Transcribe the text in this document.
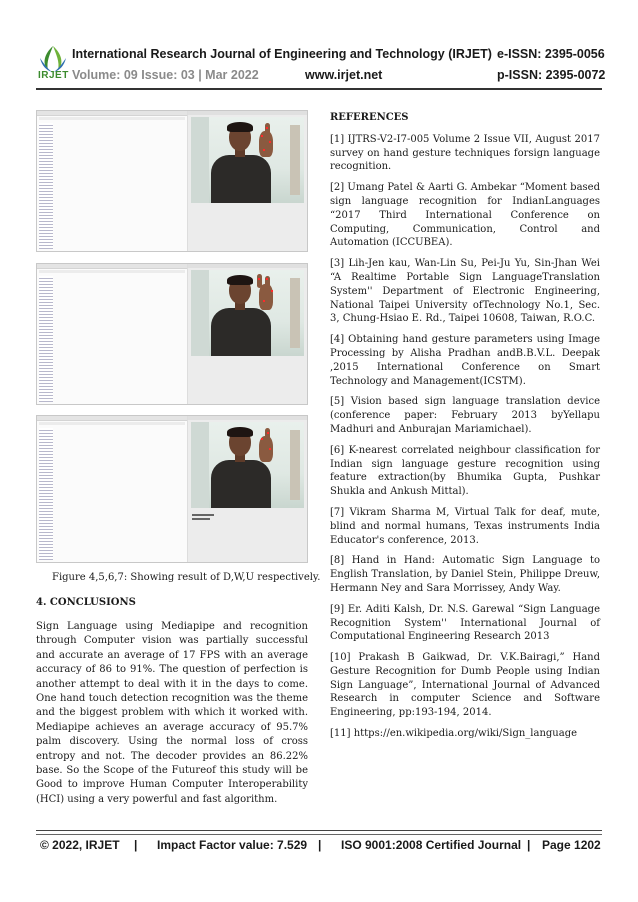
IRJET
International Research Journal of Engineering and Technology (IRJET) e-ISSN: 2395-0056
Volume: 09 Issue: 03 | Mar 2022	www.irjet.net	p-ISSN: 2395-0072
Figure 4,5,6,7: Showing result of D,W,U respectively.
4. CONCLUSIONS
Sign Language using Mediapipe and recognition through Computer vision was partially successful and accurate an average of 17 FPS with an average accuracy of 86 to 91%. The question of perfection is another attempt to deal with it in the days to come. One hand touch detection recognition was the theme and the biggest problem with which it worked with. Mediapipe achieves an average accuracy of 95.7% palm discovery. Using the normal loss of cross entropy and not. The decoder provides an 86.22% base. So the Scope of the Futureof this study will be Good to improve Human Computer Interoperability (HCI) using a very powerful and fast algorithm.
REFERENCES

[1] IJTRS-V2-I7-005 Volume 2 Issue VII, August 2017 survey on hand gesture techniques forsign language recognition.

[2] Umang Patel & Aarti G. Ambekar “Moment based sign language recognition for IndianLanguages “2017 Third International Conference on Computing, Communication, Control and Automation (ICCUBEA).

[3] Lih-Jen kau, Wan-Lin Su, Pei-Ju Yu, Sin-Jhan Wei “A Realtime Portable Sign LanguageTranslation System'' Department of Electronic Engineering, National Taipei University ofTechnology No.1, Sec. 3, Chung-Hsiao E. Rd., Taipei 10608, Taiwan, R.O.C.

[4] Obtaining hand gesture parameters using Image Processing by Alisha Pradhan andB.B.V.L. Deepak ,2015 International Conference on Smart Technology and Management(ICSTM).

[5] Vision based sign language translation device (conference paper: February 2013 byYellapu Madhuri and Anburajan Mariamichael).

[6] K-nearest correlated neighbour classification for Indian sign language gesture recognition using feature extraction(by Bhumika Gupta, Pushkar Shukla and Ankush Mittal).

[7] Vikram Sharma M, Virtual Talk for deaf, mute, blind and normal humans, Texas instruments India Educator's conference, 2013.

[8] Hand in Hand: Automatic Sign Language to English Translation, by Daniel Stein, Philippe Dreuw, Hermann Ney and Sara Morrissey, Andy Way.

[9] Er. Aditi Kalsh, Dr. N.S. Garewal “Sign Language Recognition System'' International Journal of Computational Engineering Research 2013

[10] Prakash B Gaikwad, Dr. V.K.Bairagi,” Hand Gesture Recognition for Dumb People using Indian Sign Language”, International Journal of Advanced Research in computer Science and Software Engineering, pp:193-194, 2014.

[11] https://en.wikipedia.org/wiki/Sign_language

© 2022, IRJET | Impact Factor value: 7.529 | ISO 9001:2008 Certified Journal | Page 1202
